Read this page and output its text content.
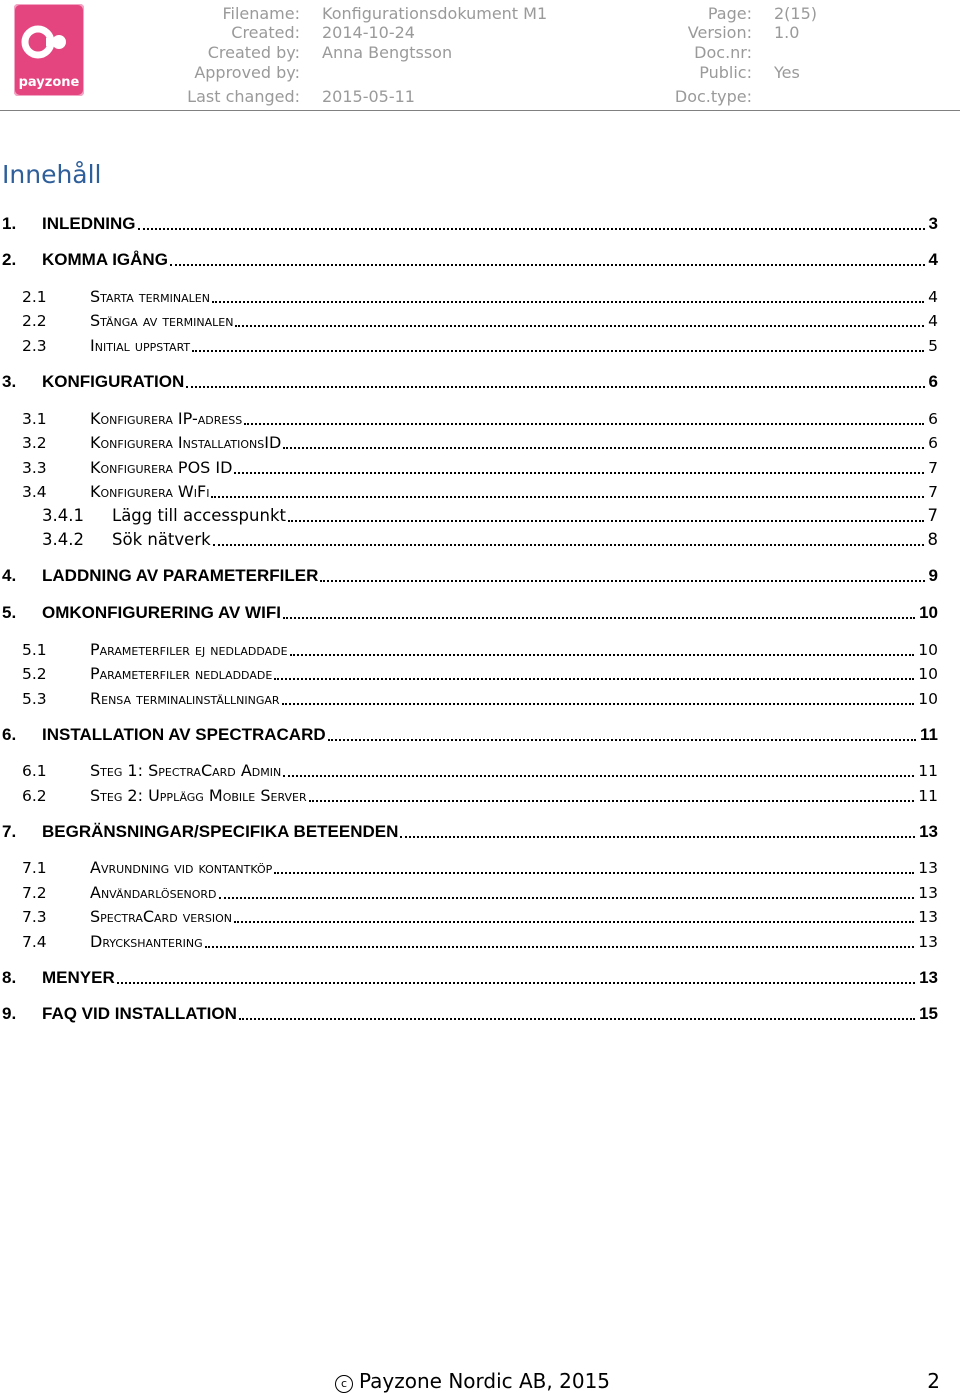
payzone
Filename: Konfigurationsdokument M1
Created: 2014-10-24
Created by: Anna Bengtsson
Approved by:
Last changed: 2015-05-11
Page: 2(15)
Version: 1.0
Doc.nr:
Public: Yes
Doc.type:
Innehåll
1. INLEDNING	3
2. KOMMA IGÅNG	4
2.1	Starta terminalen	4
2.2	Stänga av terminalen	4
2.3	Initial uppstart	5
3. KONFIGURATION	6
3.1	Konfigurera IP-adress	6
3.2	Konfigurera InstallationsID	6
3.3	Konfigurera POS ID	7
3.4	Konfigurera WiFi	7
3.4.1 Lägg till accesspunkt	7
3.4.2 Sök nätverk	8
4. LADDNING AV PARAMETERFILER	9
5. OMKONFIGURERING AV WIFI	10
5.1	Parameterfiler ej nedladdade	10
5.2	Parameterfiler nedladdade	10
5.3	Rensa terminalinställningar	10
6. INSTALLATION AV SPECTRACARD	11
6.1	Steg 1: SpectraCard Admin	11
6.2	Steg 2: Upplägg Mobile Server	11
7. BEGRÄNSNINGAR/SPECIFIKA BETEENDEN	13
7.1	Avrundning vid kontantköp	13
7.2	Användarlösenord	13
7.3	SpectraCard version	13
7.4	Dryckshantering	13
8. MENYER	13
9. FAQ VID INSTALLATION	15
c Payzone Nordic AB, 2015	2
